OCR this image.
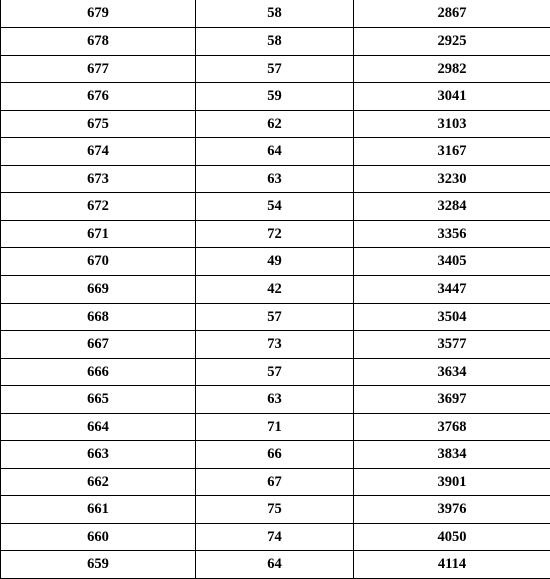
679	58	2867
678	58	2925
677	57	2982
676	59	3041
675	62	3103
674	64	3167
673	63	3230
672	54	3284
671	72	3356
670	49	3405
669	42	3447
668	57	3504
667	73	3577
666	57	3634
665	63	3697
664	71	3768
663	66	3834
662	67	3901
661	75	3976
660	74	4050
659	64	4114
